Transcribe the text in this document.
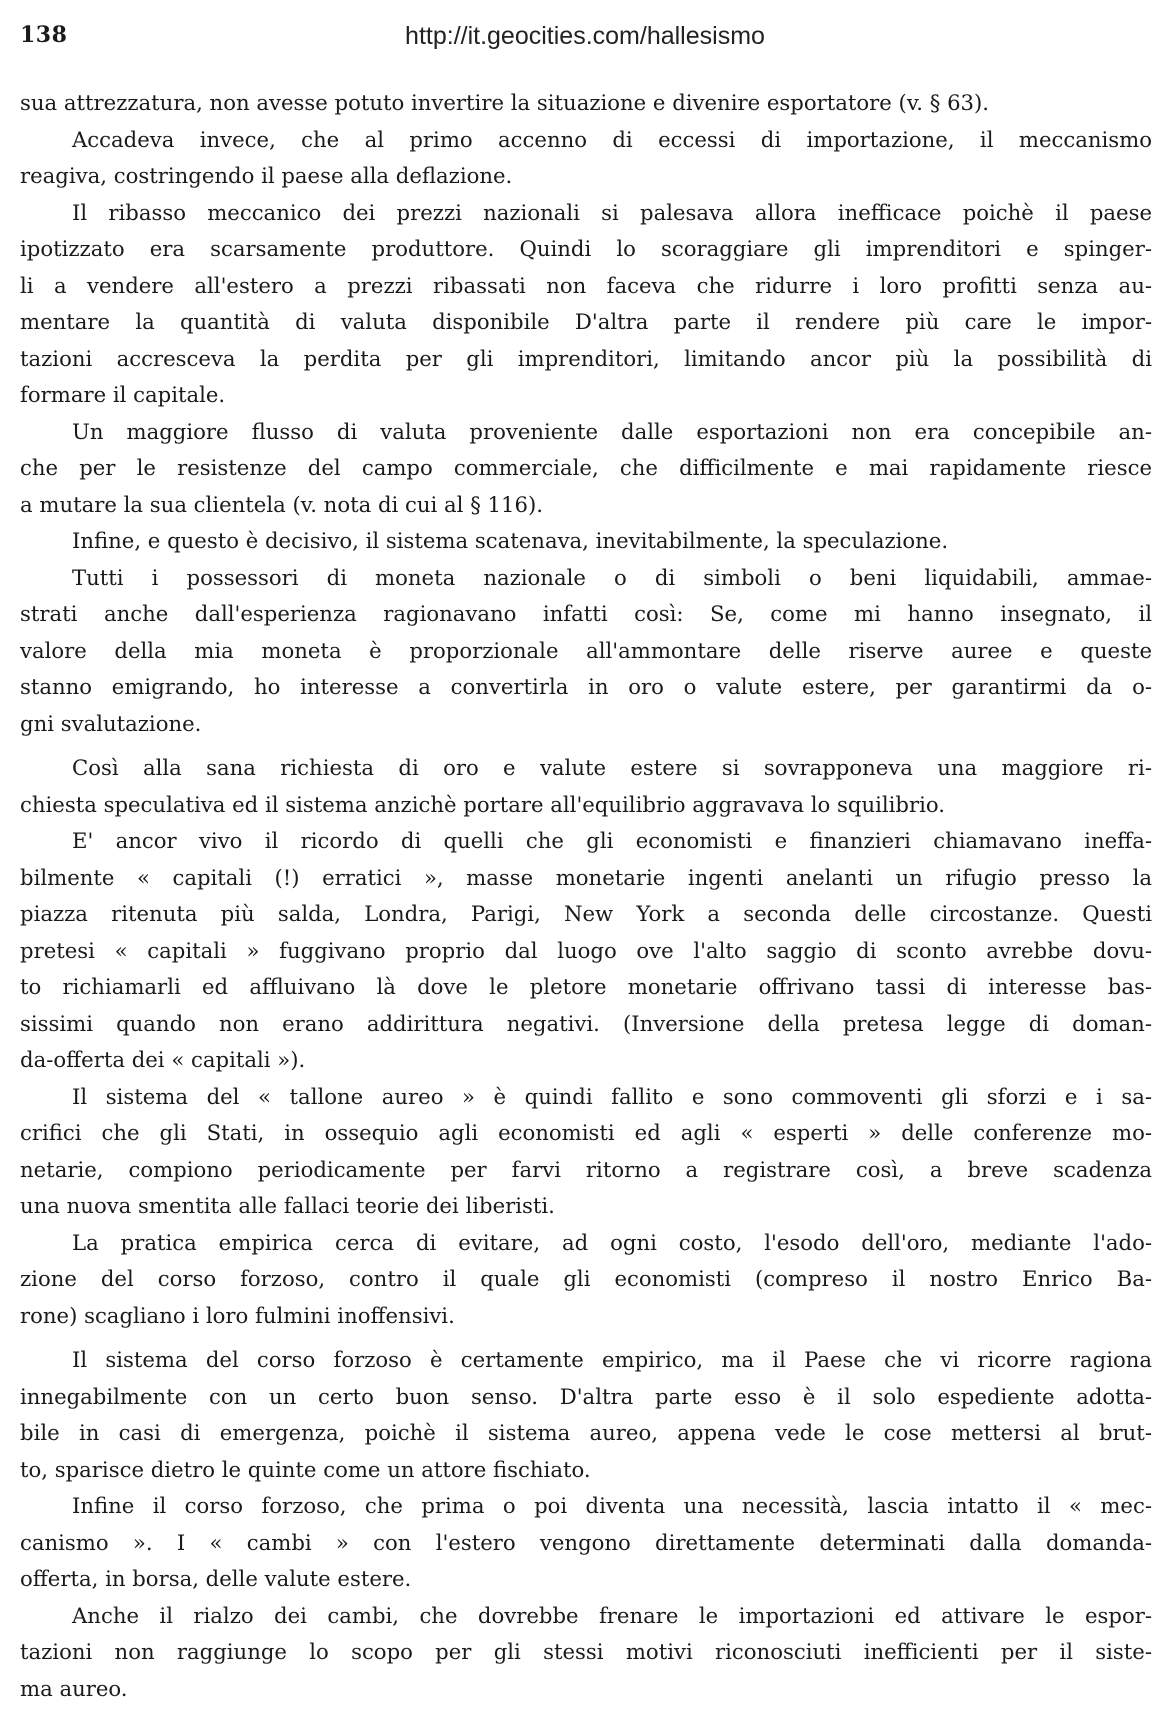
138	http://it.geocities.com/hallesismo
sua attrezzatura, non avesse potuto invertire la situazione e divenire esportatore (v. § 63).
Accadeva invece, che al primo accenno di eccessi di importazione, il meccanismo
reagiva, costringendo il paese alla deflazione.
Il ribasso meccanico dei prezzi nazionali si palesava allora inefficace poichè il paese
ipotizzato era scarsamente produttore. Quindi lo scoraggiare gli imprenditori e spinger-
li a vendere all'estero a prezzi ribassati non faceva che ridurre i loro profitti senza au-
mentare la quantità di valuta disponibile D'altra parte il rendere più care le impor-
tazioni accresceva la perdita per gli imprenditori, limitando ancor più la possibilità di
formare il capitale.
Un maggiore flusso di valuta proveniente dalle esportazioni non era concepibile an-
che per le resistenze del campo commerciale, che difficilmente e mai rapidamente riesce
a mutare la sua clientela (v. nota di cui al § 116).
Infine, e questo è decisivo, il sistema scatenava, inevitabilmente, la speculazione.
Tutti i possessori di moneta nazionale o di simboli o beni liquidabili, ammae-
strati anche dall'esperienza ragionavano infatti così: Se, come mi hanno insegnato, il
valore della mia moneta è proporzionale all'ammontare delle riserve auree e queste
stanno emigrando, ho interesse a convertirla in oro o valute estere, per garantirmi da o-
gni svalutazione.
Così alla sana richiesta di oro e valute estere si sovrapponeva una maggiore ri-
chiesta speculativa ed il sistema anzichè portare all'equilibrio aggravava lo squilibrio.
E' ancor vivo il ricordo di quelli che gli economisti e finanzieri chiamavano ineffa-
bilmente « capitali (!) erratici », masse monetarie ingenti anelanti un rifugio presso la
piazza ritenuta più salda, Londra, Parigi, New York a seconda delle circostanze. Questi
pretesi « capitali » fuggivano proprio dal luogo ove l'alto saggio di sconto avrebbe dovu-
to richiamarli ed affluivano là dove le pletore monetarie offrivano tassi di interesse bas-
sissimi quando non erano addirittura negativi. (Inversione della pretesa legge di doman-
da-offerta dei « capitali »).
Il sistema del « tallone aureo » è quindi fallito e sono commoventi gli sforzi e i sa-
crifici che gli Stati, in ossequio agli economisti ed agli « esperti » delle conferenze mo-
netarie, compiono periodicamente per farvi ritorno a registrare così, a breve scadenza
una nuova smentita alle fallaci teorie dei liberisti.
La pratica empirica cerca di evitare, ad ogni costo, l'esodo dell'oro, mediante l'ado-
zione del corso forzoso, contro il quale gli economisti (compreso il nostro Enrico Ba-
rone) scagliano i loro fulmini inoffensivi.
Il sistema del corso forzoso è certamente empirico, ma il Paese che vi ricorre ragiona
innegabilmente con un certo buon senso. D'altra parte esso è il solo espediente adotta-
bile in casi di emergenza, poichè il sistema aureo, appena vede le cose mettersi al brut-
to, sparisce dietro le quinte come un attore fischiato.
Infine il corso forzoso, che prima o poi diventa una necessità, lascia intatto il « mec-
canismo ». I « cambi » con l'estero vengono direttamente determinati dalla domanda-
offerta, in borsa, delle valute estere.
Anche il rialzo dei cambi, che dovrebbe frenare le importazioni ed attivare le espor-
tazioni non raggiunge lo scopo per gli stessi motivi riconosciuti inefficienti per il siste-
ma aureo.
